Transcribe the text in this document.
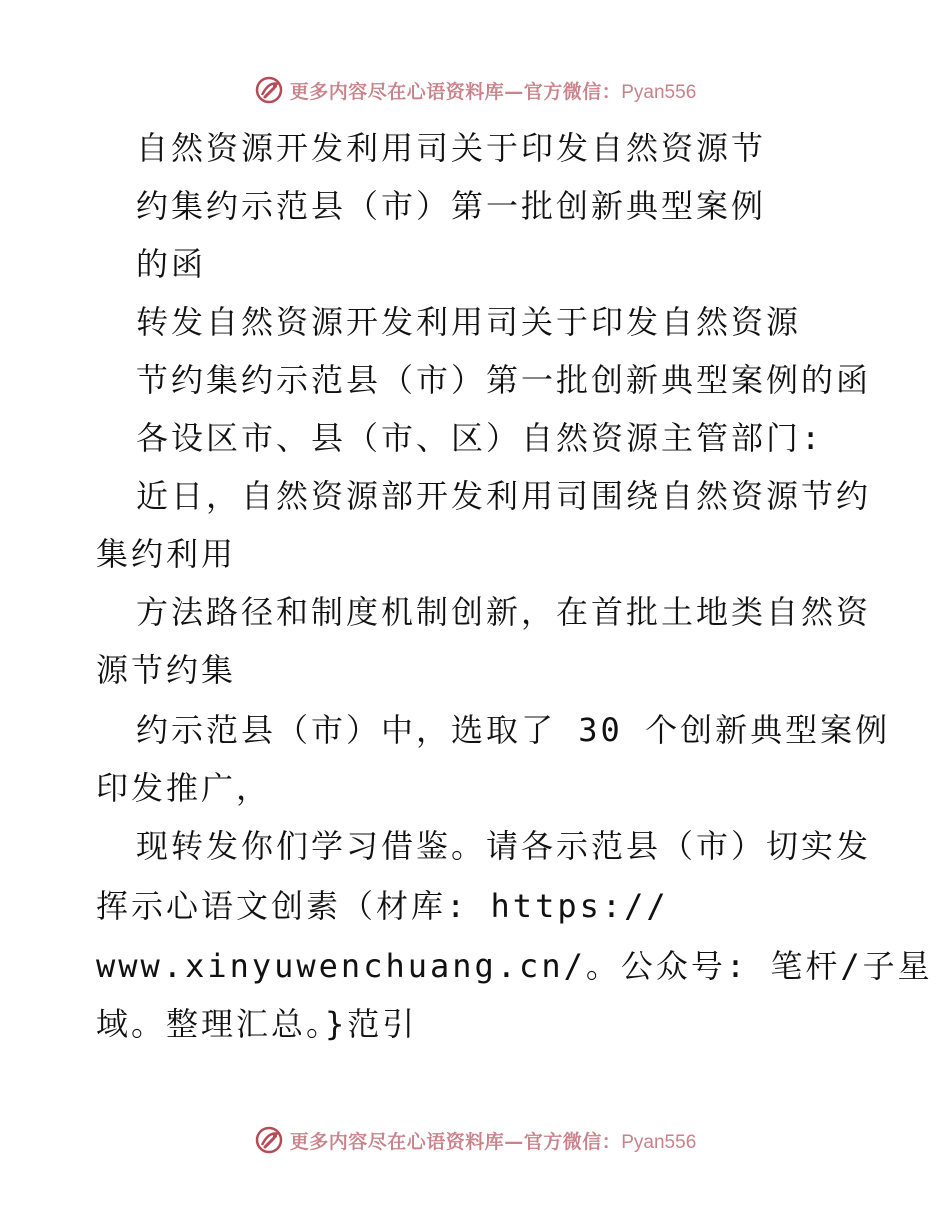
更多内容尽在心语资料库—官方微信：Pyan556
自然资源开发利用司关于印发自然资源节
约集约示范县（市）第一批创新典型案例
的函
转发自然资源开发利用司关于印发自然资源
节约集约示范县（市）第一批创新典型案例的函
各设区市、县（市、区）自然资源主管部门:
近日，自然资源部开发利用司围绕自然资源节约
集约利用
方法路径和制度机制创新，在首批土地类自然资
源节约集
约示范县（市）中，选取了 30 个创新典型案例
印发推广，
现转发你们学习借鉴。请各示范县（市）切实发
挥示心语文创素（材库: https://
www.xinyuwenchuang.cn/。公众号: 笔杆/子星
域。整理汇总。}范引
更多内容尽在心语资料库—官方微信：Pyan556
